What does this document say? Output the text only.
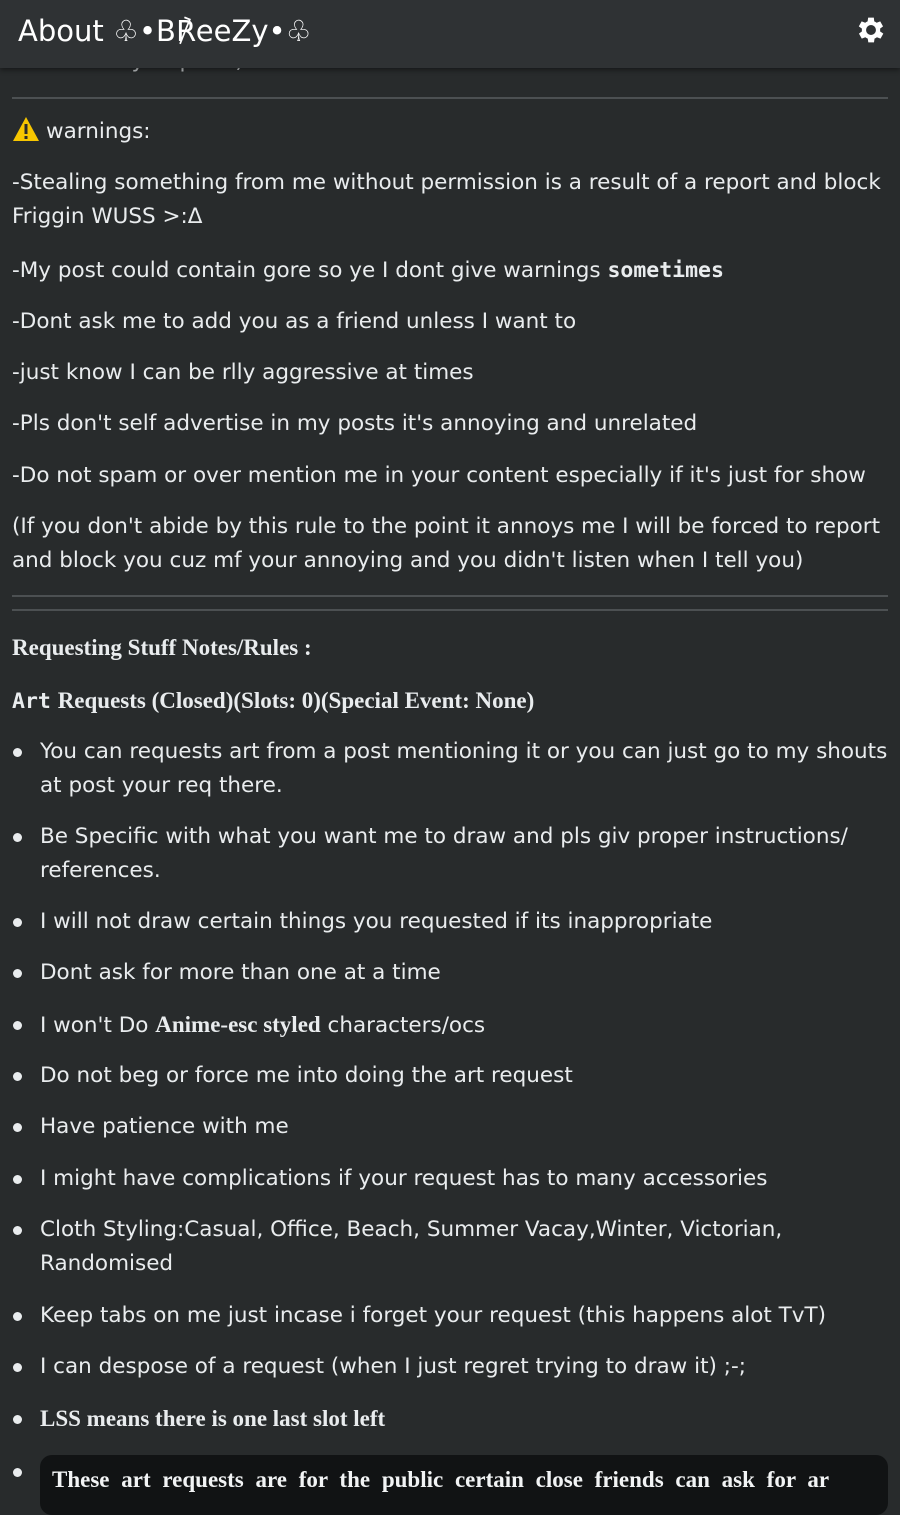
About ♧•B℟eeZy•♧
warnings:
-Stealing something from me without permission is a result of a report and block
Friggin WUSS >:Δ
-My post could contain gore so ye I dont give warnings sometimes
-Dont ask me to add you as a friend unless I want to
-just know I can be rlly aggressive at times
-Pls don't self advertise in my posts it's annoying and unrelated
-Do not spam or over mention me in your content especially if it's just for show
(If you don't abide by this rule to the point it annoys me I will be forced to report
and block you cuz mf your annoying and you didn't listen when I tell you)
Requesting Stuff Notes/Rules :
Art Requests (Closed)(Slots: 0)(Special Event: None)
You can requests art from a post mentioning it or you can just go to my shouts
at post your req there.
Be Specific with what you want me to draw and pls giv proper instructions/
references.
I will not draw certain things you requested if its inappropriate
Dont ask for more than one at a time
I won't Do Anime-esc styled characters/ocs
Do not beg or force me into doing the art request
Have patience with me
I might have complications if your request has to many accessories
Cloth Styling:Casual, Office, Beach, Summer Vacay,Winter, Victorian,
Randomised
Keep tabs on me just incase i forget your request (this happens alot TvT)
I can despose of a request (when I just regret trying to draw it) ;-;
LSS means there is one last slot left
These art requests are for the public certain close friends can ask for ar
